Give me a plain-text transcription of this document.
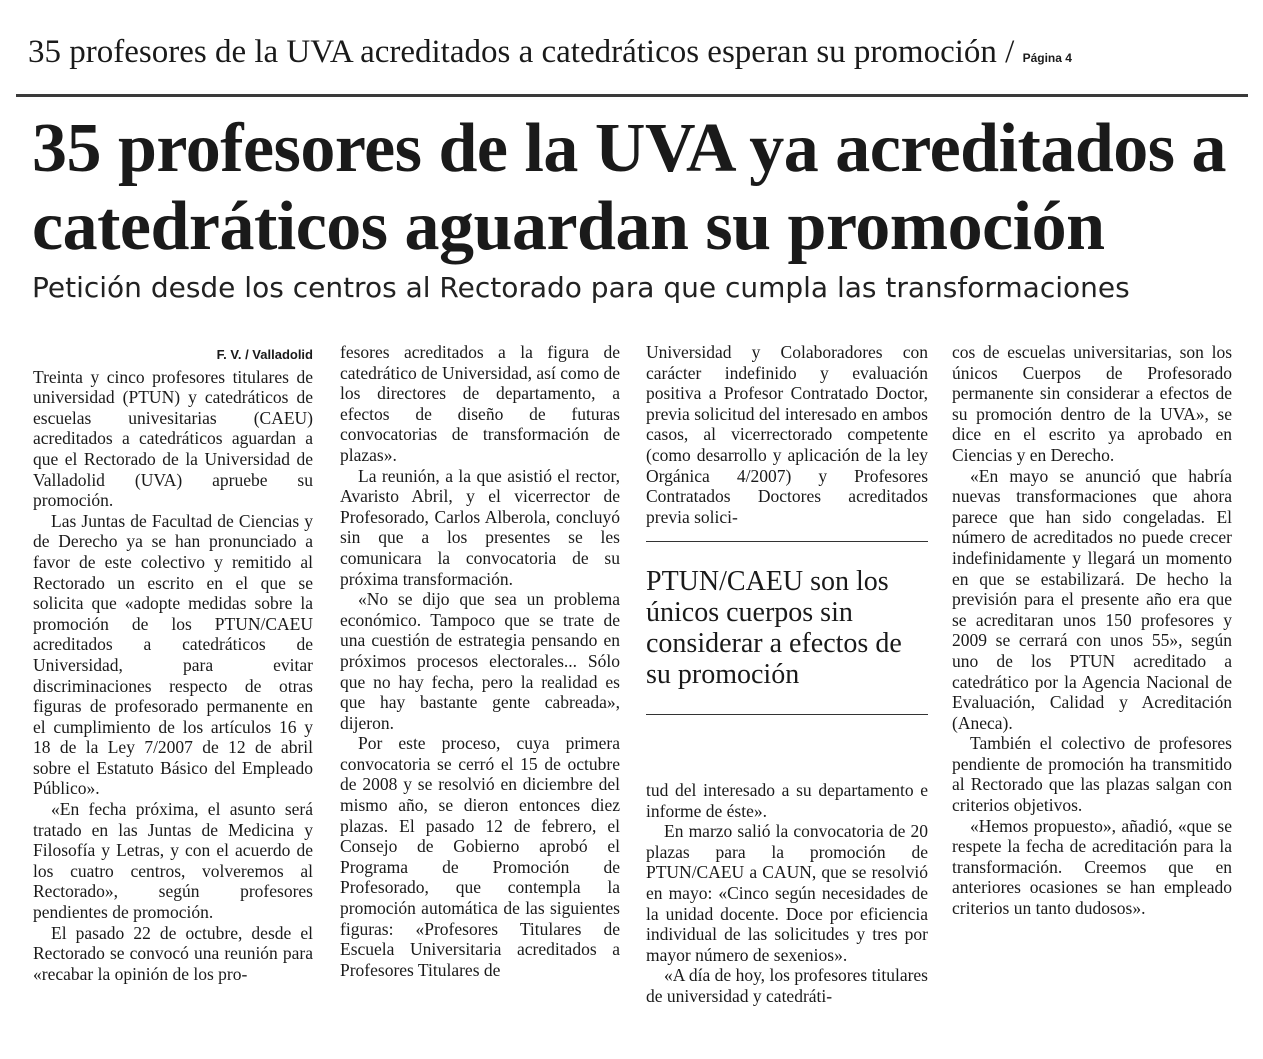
35 profesores de la UVA acreditados a catedráticos esperan su promoción / Página 4
35 profesores de la UVA ya acreditados a catedráticos aguardan su promoción
Petición desde los centros al Rectorado para que cumpla las transformaciones
F. V. / Valladolid

Treinta y cinco profesores titulares de universidad (PTUN) y catedráticos de escuelas univesitarias (CAEU) acreditados a catedráticos aguardan a que el Rectorado de la Universidad de Valladolid (UVA) apruebe su promoción.

Las Juntas de Facultad de Ciencias y de Derecho ya se han pronunciado a favor de este colectivo y remitido al Rectorado un escrito en el que se solicita que «adopte medidas sobre la promoción de los PTUN/CAEU acreditados a catedráticos de Universidad, para evitar discriminaciones respecto de otras figuras de profesorado permanente en el cumplimiento de los artículos 16 y 18 de la Ley 7/2007 de 12 de abril sobre el Estatuto Básico del Empleado Público».

«En fecha próxima, el asunto será tratado en las Juntas de Medicina y Filosofía y Letras, y con el acuerdo de los cuatro centros, volveremos al Rectorado», según profesores pendientes de promoción.

El pasado 22 de octubre, desde el Rectorado se convocó una reunión para «recabar la opinión de los pro-

fesores acreditados a la figura de catedrático de Universidad, así como de los directores de departamento, a efectos de diseño de futuras convocatorias de transformación de plazas».

La reunión, a la que asistió el rector, Avaristo Abril, y el vicerrector de Profesorado, Carlos Alberola, concluyó sin que a los presentes se les comunicara la convocatoria de su próxima transformación.

«No se dijo que sea un problema económico. Tampoco que se trate de una cuestión de estrategia pensando en próximos procesos electorales... Sólo que no hay fecha, pero la realidad es que hay bastante gente cabreada», dijeron.

Por este proceso, cuya primera convocatoria se cerró el 15 de octubre de 2008 y se resolvió en diciembre del mismo año, se dieron entonces diez plazas. El pasado 12 de febrero, el Consejo de Gobierno aprobó el Programa de Promoción de Profesorado, que contempla la promoción automática de las siguientes figuras: «Profesores Titulares de Escuela Universitaria acreditados a Profesores Titulares de

Universidad y Colaboradores con carácter indefinido y evaluación positiva a Profesor Contratado Doctor, previa solicitud del interesado en ambos casos, al vicerrectorado competente (como desarrollo y aplicación de la ley Orgánica 4/2007) y Profesores Contratados Doctores acreditados previa solici-

PTUN/CAEU son los únicos cuerpos sin considerar a efectos de su promoción

tud del interesado a su departamento e informe de éste».

En marzo salió la convocatoria de 20 plazas para la promoción de PTUN/CAEU a CAUN, que se resolvió en mayo: «Cinco según necesidades de la unidad docente. Doce por eficiencia individual de las solicitudes y tres por mayor número de sexenios».

«A día de hoy, los profesores titulares de universidad y catedráti-

cos de escuelas universitarias, son los únicos Cuerpos de Profesorado permanente sin considerar a efectos de su promoción dentro de la UVA», se dice en el escrito ya aprobado en Ciencias y en Derecho.

«En mayo se anunció que habría nuevas transformaciones que ahora parece que han sido congeladas. El número de acreditados no puede crecer indefinidamente y llegará un momento en que se estabilizará. De hecho la previsión para el presente año era que se acreditaran unos 150 profesores y 2009 se cerrará con unos 55», según uno de los PTUN acreditado a catedrático por la Agencia Nacional de Evaluación, Calidad y Acreditación (Aneca).

También el colectivo de profesores pendiente de promoción ha transmitido al Rectorado que las plazas salgan con criterios objetivos.

«Hemos propuesto», añadió, «que se respete la fecha de acreditación para la transformación. Creemos que en anteriores ocasiones se han empleado criterios un tanto dudosos».
